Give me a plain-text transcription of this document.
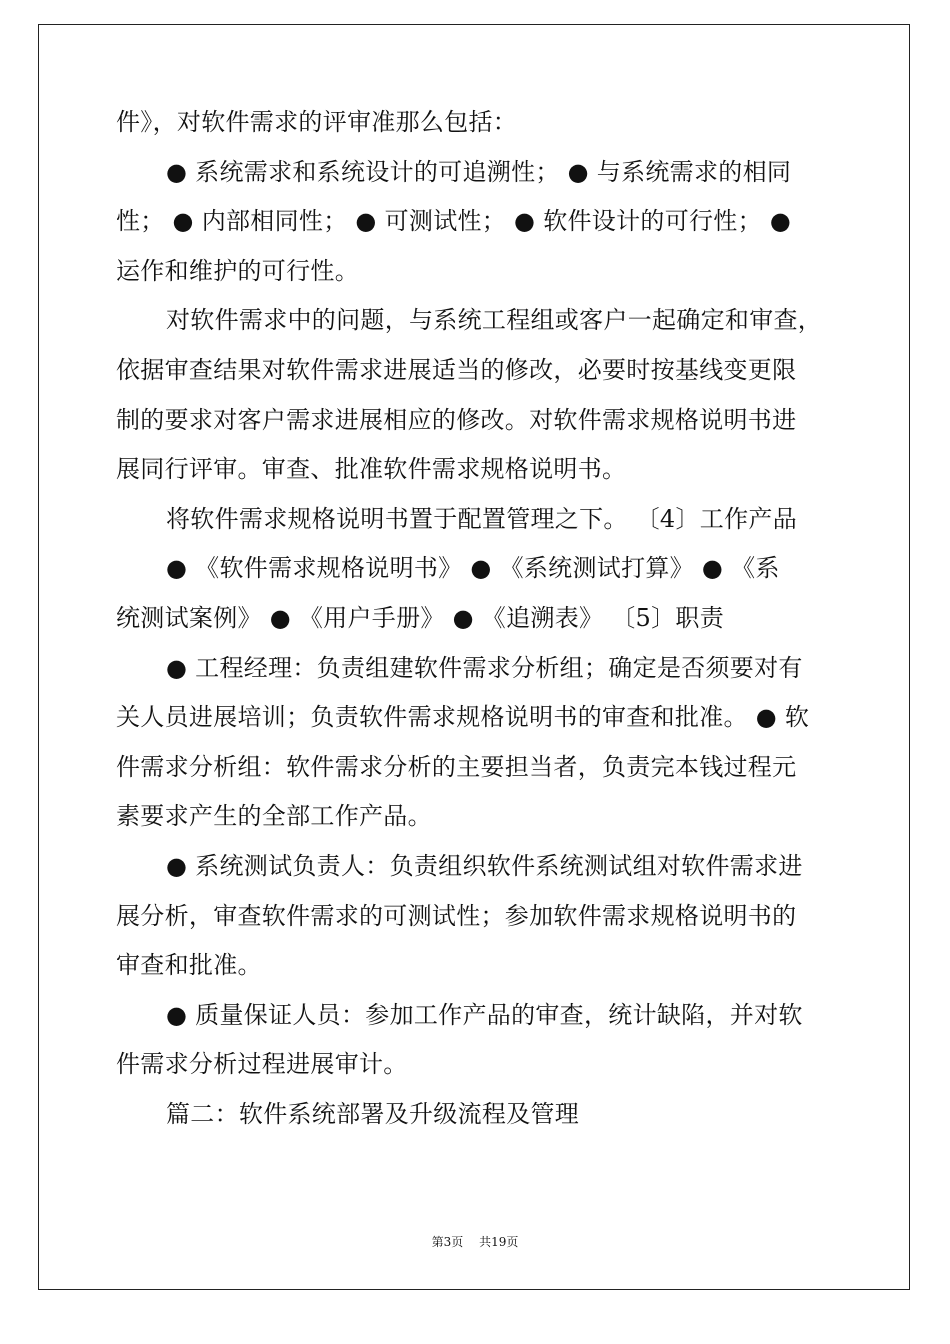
件》，对软件需求的评审准那么包括：
● 系统需求和系统设计的可追溯性； ● 与系统需求的相同
性； ● 内部相同性； ● 可测试性； ● 软件设计的可行性； ●
运作和维护的可行性。
对软件需求中的问题，与系统工程组或客户一起确定和审查，
依据审查结果对软件需求进展适当的修改，必要时按基线变更限
制的要求对客户需求进展相应的修改。对软件需求规格说明书进
展同行评审。审查、批准软件需求规格说明书。
将软件需求规格说明书置于配置管理之下。 〔4〕工作产品
● 《软件需求规格说明书》 ● 《系统测试打算》 ● 《系
统测试案例》 ● 《用户手册》 ● 《追溯表》 〔5〕职责
● 工程经理：负责组建软件需求分析组；确定是否须要对有
关人员进展培训；负责软件需求规格说明书的审查和批准。 ● 软
件需求分析组：软件需求分析的主要担当者，负责完本钱过程元
素要求产生的全部工作产品。
● 系统测试负责人：负责组织软件系统测试组对软件需求进
展分析，审查软件需求的可测试性；参加软件需求规格说明书的
审查和批准。
● 质量保证人员：参加工作产品的审查，统计缺陷，并对软
件需求分析过程进展审计。
篇二：软件系统部署及升级流程及管理
第3页 共19页
